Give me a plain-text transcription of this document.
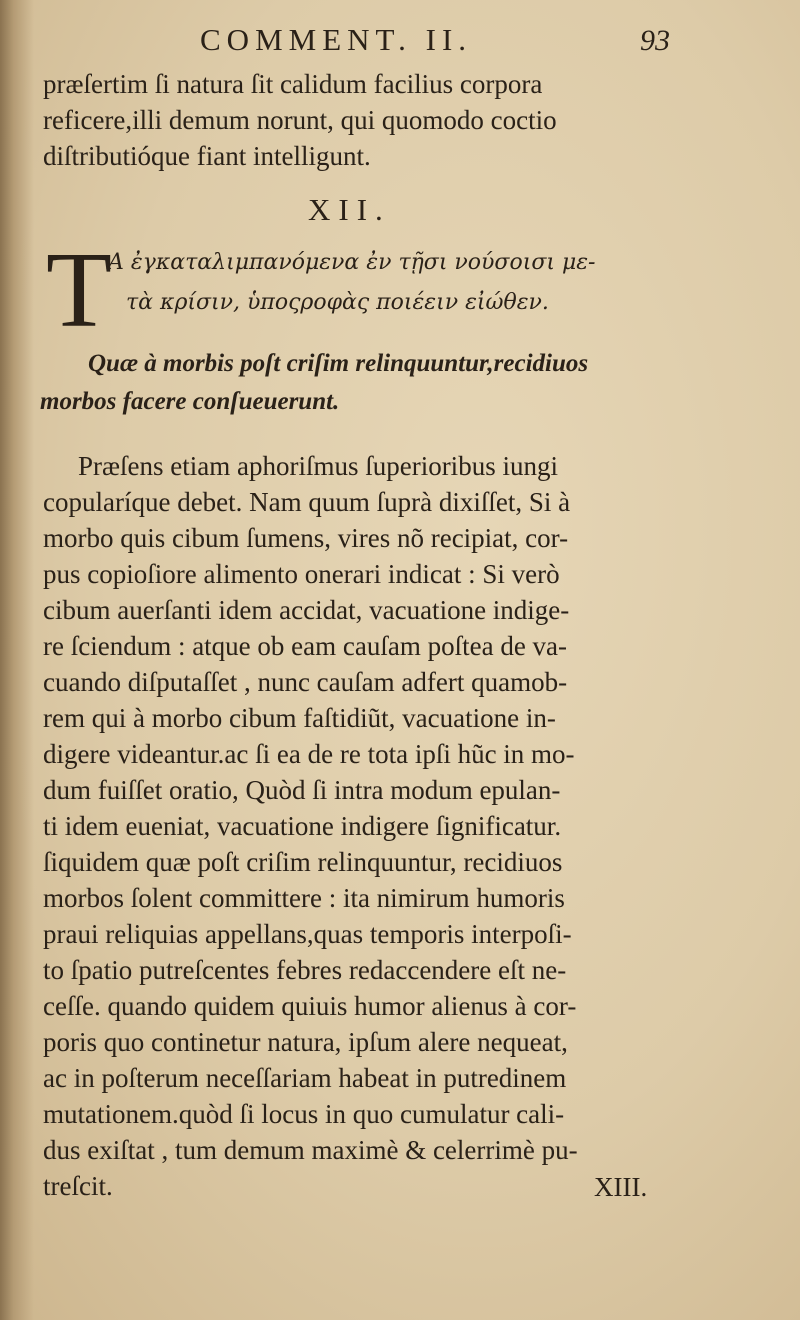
COMMENT. II.	93
præſertim ſi natura ſit calidum facilius corpora
reficere,illi demum norunt, qui quomodo coctio
diſtributióque fiant intelligunt.
XII.
T
Α ἐγκαταλιμπανόμενα ἐν τῇσι νούσοισι με-
τὰ κρίσιν, ὑποςροφὰς ποιέειν εἰώθεν.
Quæ à morbis poſt criſim relinquuntur,recidiuos
morbos facere conſueuerunt.
Præſens etiam aphoriſmus ſuperioribus iungi
copularíque debet. Nam quum ſuprà dixiſſet, Si à
morbo quis cibum ſumens, vires nõ recipiat, cor-
pus copioſiore alimento onerari indicat : Si verò
cibum auerſanti idem accidat, vacuatione indige-
re ſciendum : atque ob eam cauſam poſtea de va-
cuando diſputaſſet , nunc cauſam adfert quamob-
rem qui à morbo cibum faſtidiũt, vacuatione in-
digere videantur.ac ſi ea de re tota ipſi hũc in mo-
dum fuiſſet oratio, Quòd ſi intra modum epulan-
ti idem eueniat, vacuatione indigere ſignificatur.
ſiquidem quæ poſt criſim relinquuntur, recidiuos
morbos ſolent committere : ita nimirum humoris
praui reliquias appellans,quas temporis interpoſi-
to ſpatio putreſcentes febres redaccendere eſt ne-
ceſſe. quando quidem quiuis humor alienus à cor-
poris quo continetur natura, ipſum alere nequeat,
ac in poſterum neceſſariam habeat in putredinem
mutationem.quòd ſi locus in quo cumulatur cali-
dus exiſtat , tum demum maximè & celerrimè pu-
treſcit.	XIII.
